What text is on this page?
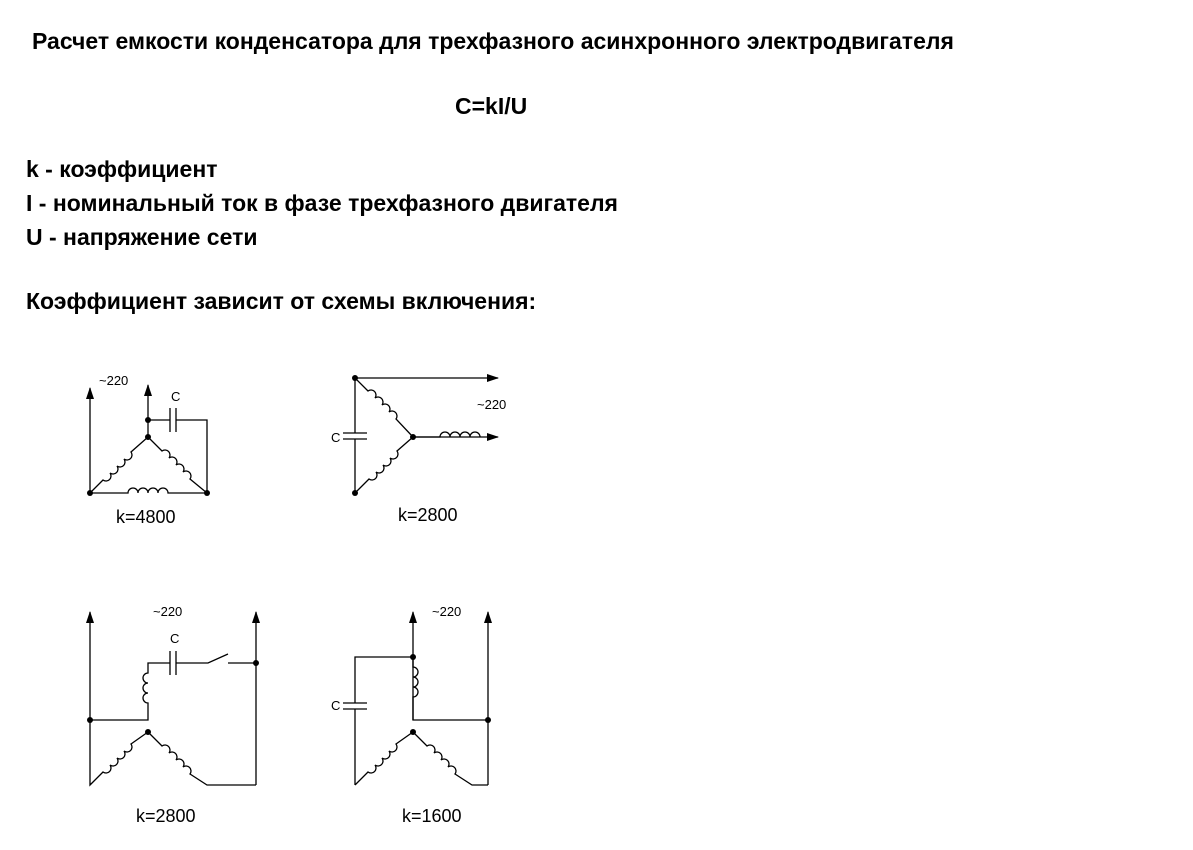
Расчет емкости конденсатора для трехфазного асинхронного электродвигателя
C=kI/U
k - коэффициент
I - номинальный ток в фазе трехфазного двигателя
U - напряжение сети
Коэффициент зависит от схемы включения:
~220
C
k=4800
~220
C
k=2800
~220
C
k=2800
~220
C
k=1600
